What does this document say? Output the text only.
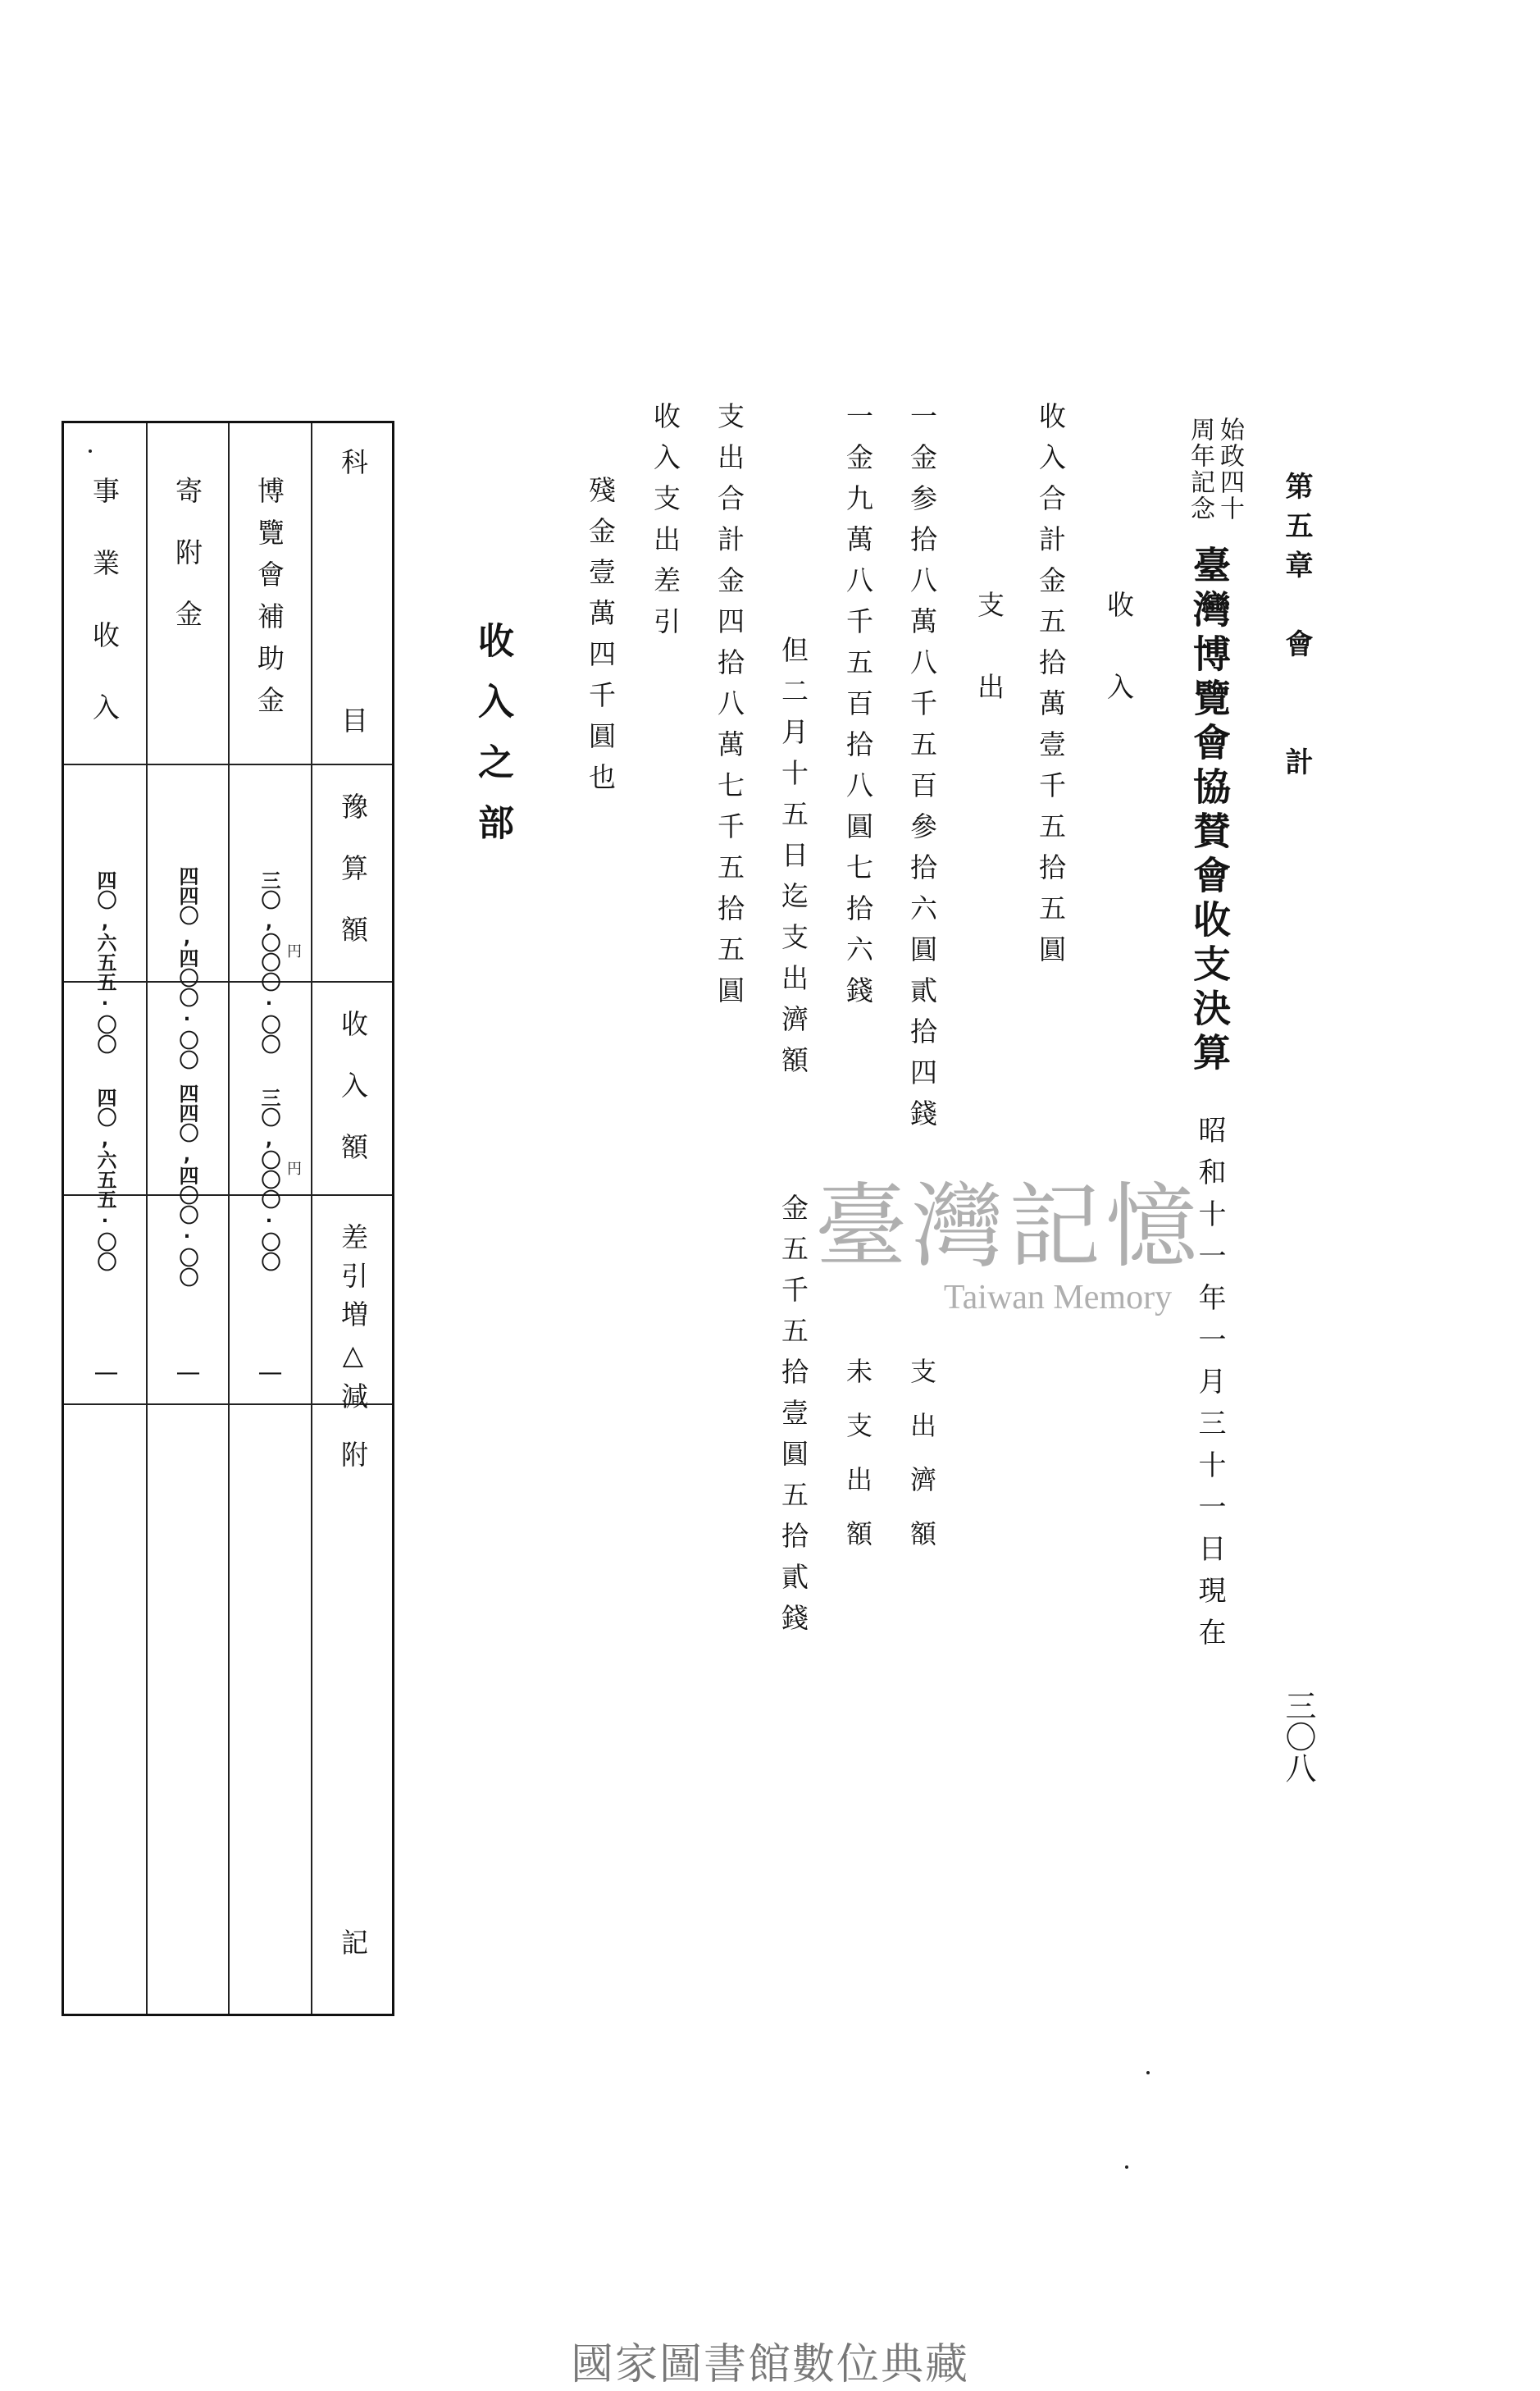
第五章　會　　計
三〇八
始政四十
周年記念
臺灣博覽會協賛會收支決算
昭和十一年一月三十一日現在
收　入
收入合計金五拾萬壹千五拾五圓
支　出
一金参拾八萬八千五百參拾六圓貳拾四錢
支出濟額
一金九萬八千五百拾八圓七拾六錢
未支出額
但二月十五日迄支出濟額
金五千五拾壹圓五拾貳錢
支出合計金四拾八萬七千五拾五圓
收入支出差引
殘金壹萬四千圓也
臺灣記憶
Taiwan Memory
收入之部
科
目
豫算額
收入額
差引増△減
附
記
博覽會補助金
三〇,〇〇〇·〇〇 円
三〇,〇〇〇·〇〇 円
—
寄附金
四四〇,四〇〇·〇〇
四四〇,四〇〇·〇〇
—
事業收入
四〇,六五五·〇〇
四〇,六五五·〇〇
—
國家圖書館數位典藏
